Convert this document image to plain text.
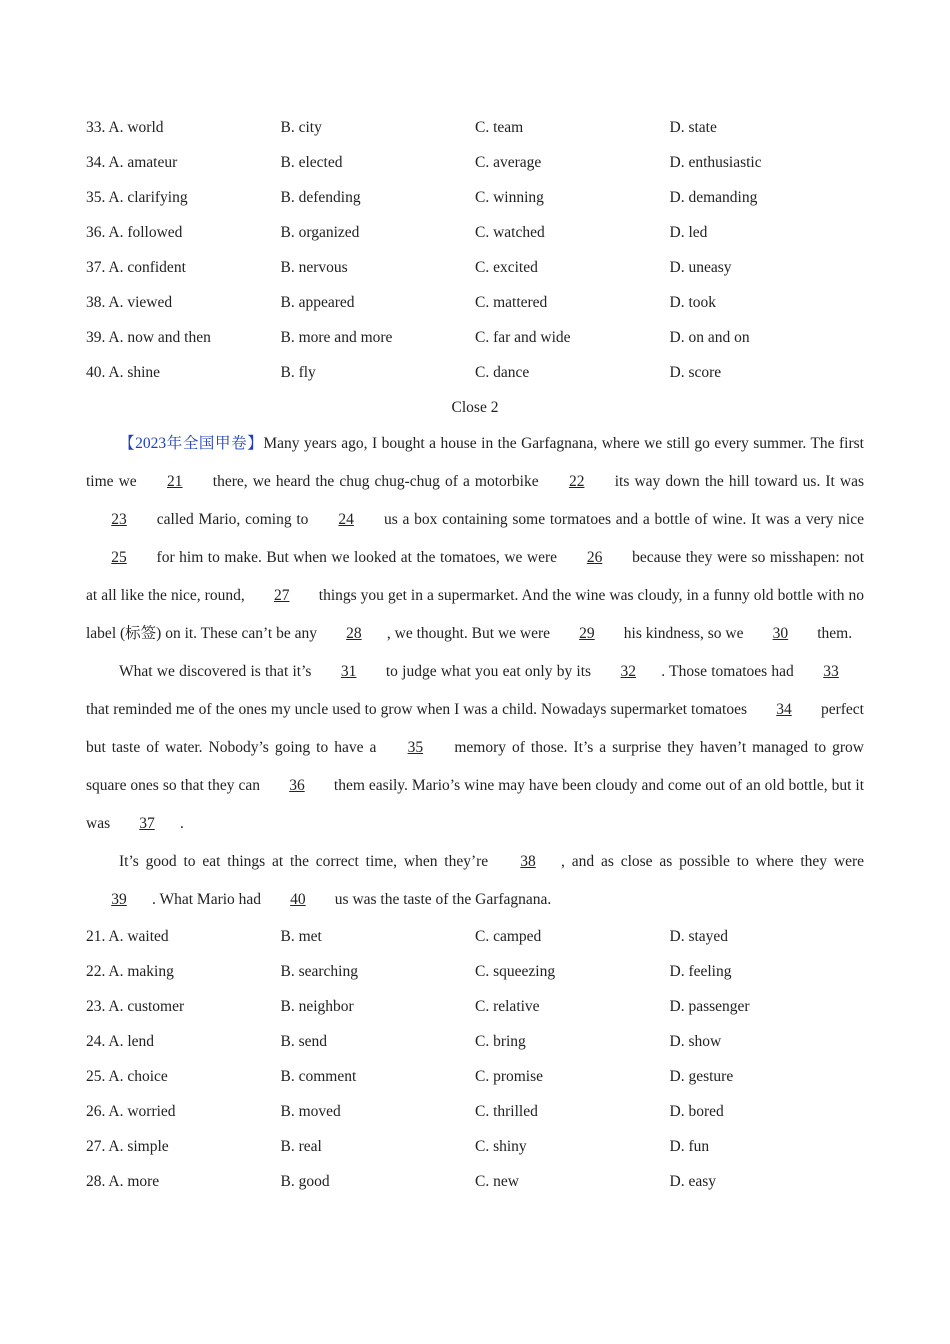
33. A. world	B. city	C. team	D. state
34. A. amateur	B. elected	C. average	D. enthusiastic
35. A. clarifying	B. defending	C. winning	D. demanding
36. A. followed	B. organized	C. watched	D. led
37. A. confident	B. nervous	C. excited	D. uneasy
38. A. viewed	B. appeared	C. mattered	D. took
39. A. now and then	B. more and more	C. far and wide	D. on and on
40. A. shine	B. fly	C. dance	D. score
Close 2

【2023年全国甲卷】Many years ago, I bought a house in the Garfagnana, where we still go every summer. The first time we 21 there, we heard the chug chug-chug of a motorbike 22 its way down the hill toward us. It was 23 called Mario, coming to 24 us a box containing some tormatoes and a bottle of wine. It was a very nice 25 for him to make. But when we looked at the tomatoes, we were 26 because they were so misshapen: not at all like the nice, round, 27 things you get in a supermarket. And the wine was cloudy, in a funny old bottle with no label (标签) on it. These can’t be any 28 , we thought. But we were 29 his kindness, so we 30 them.

What we discovered is that it’s 31 to judge what you eat only by its 32 . Those tomatoes had 33 that reminded me of the ones my uncle used to grow when I was a child. Nowadays supermarket tomatoes 34 perfect but taste of water. Nobody’s going to have a 35 memory of those. It’s a surprise they haven’t managed to grow square ones so that they can 36 them easily. Mario’s wine may have been cloudy and come out of an old bottle, but it was 37 .

It’s good to eat things at the correct time, when they’re 38 , and as close as possible to where they were 39 . What Mario had 40 us was the taste of the Garfagnana.

21. A. waited	B. met	C. camped	D. stayed
22. A. making	B. searching	C. squeezing	D. feeling
23. A. customer	B. neighbor	C. relative	D. passenger
24. A. lend	B. send	C. bring	D. show
25. A. choice	B. comment	C. promise	D. gesture
26. A. worried	B. moved	C. thrilled	D. bored
27. A. simple	B. real	C. shiny	D. fun
28. A. more	B. good	C. new	D. easy
